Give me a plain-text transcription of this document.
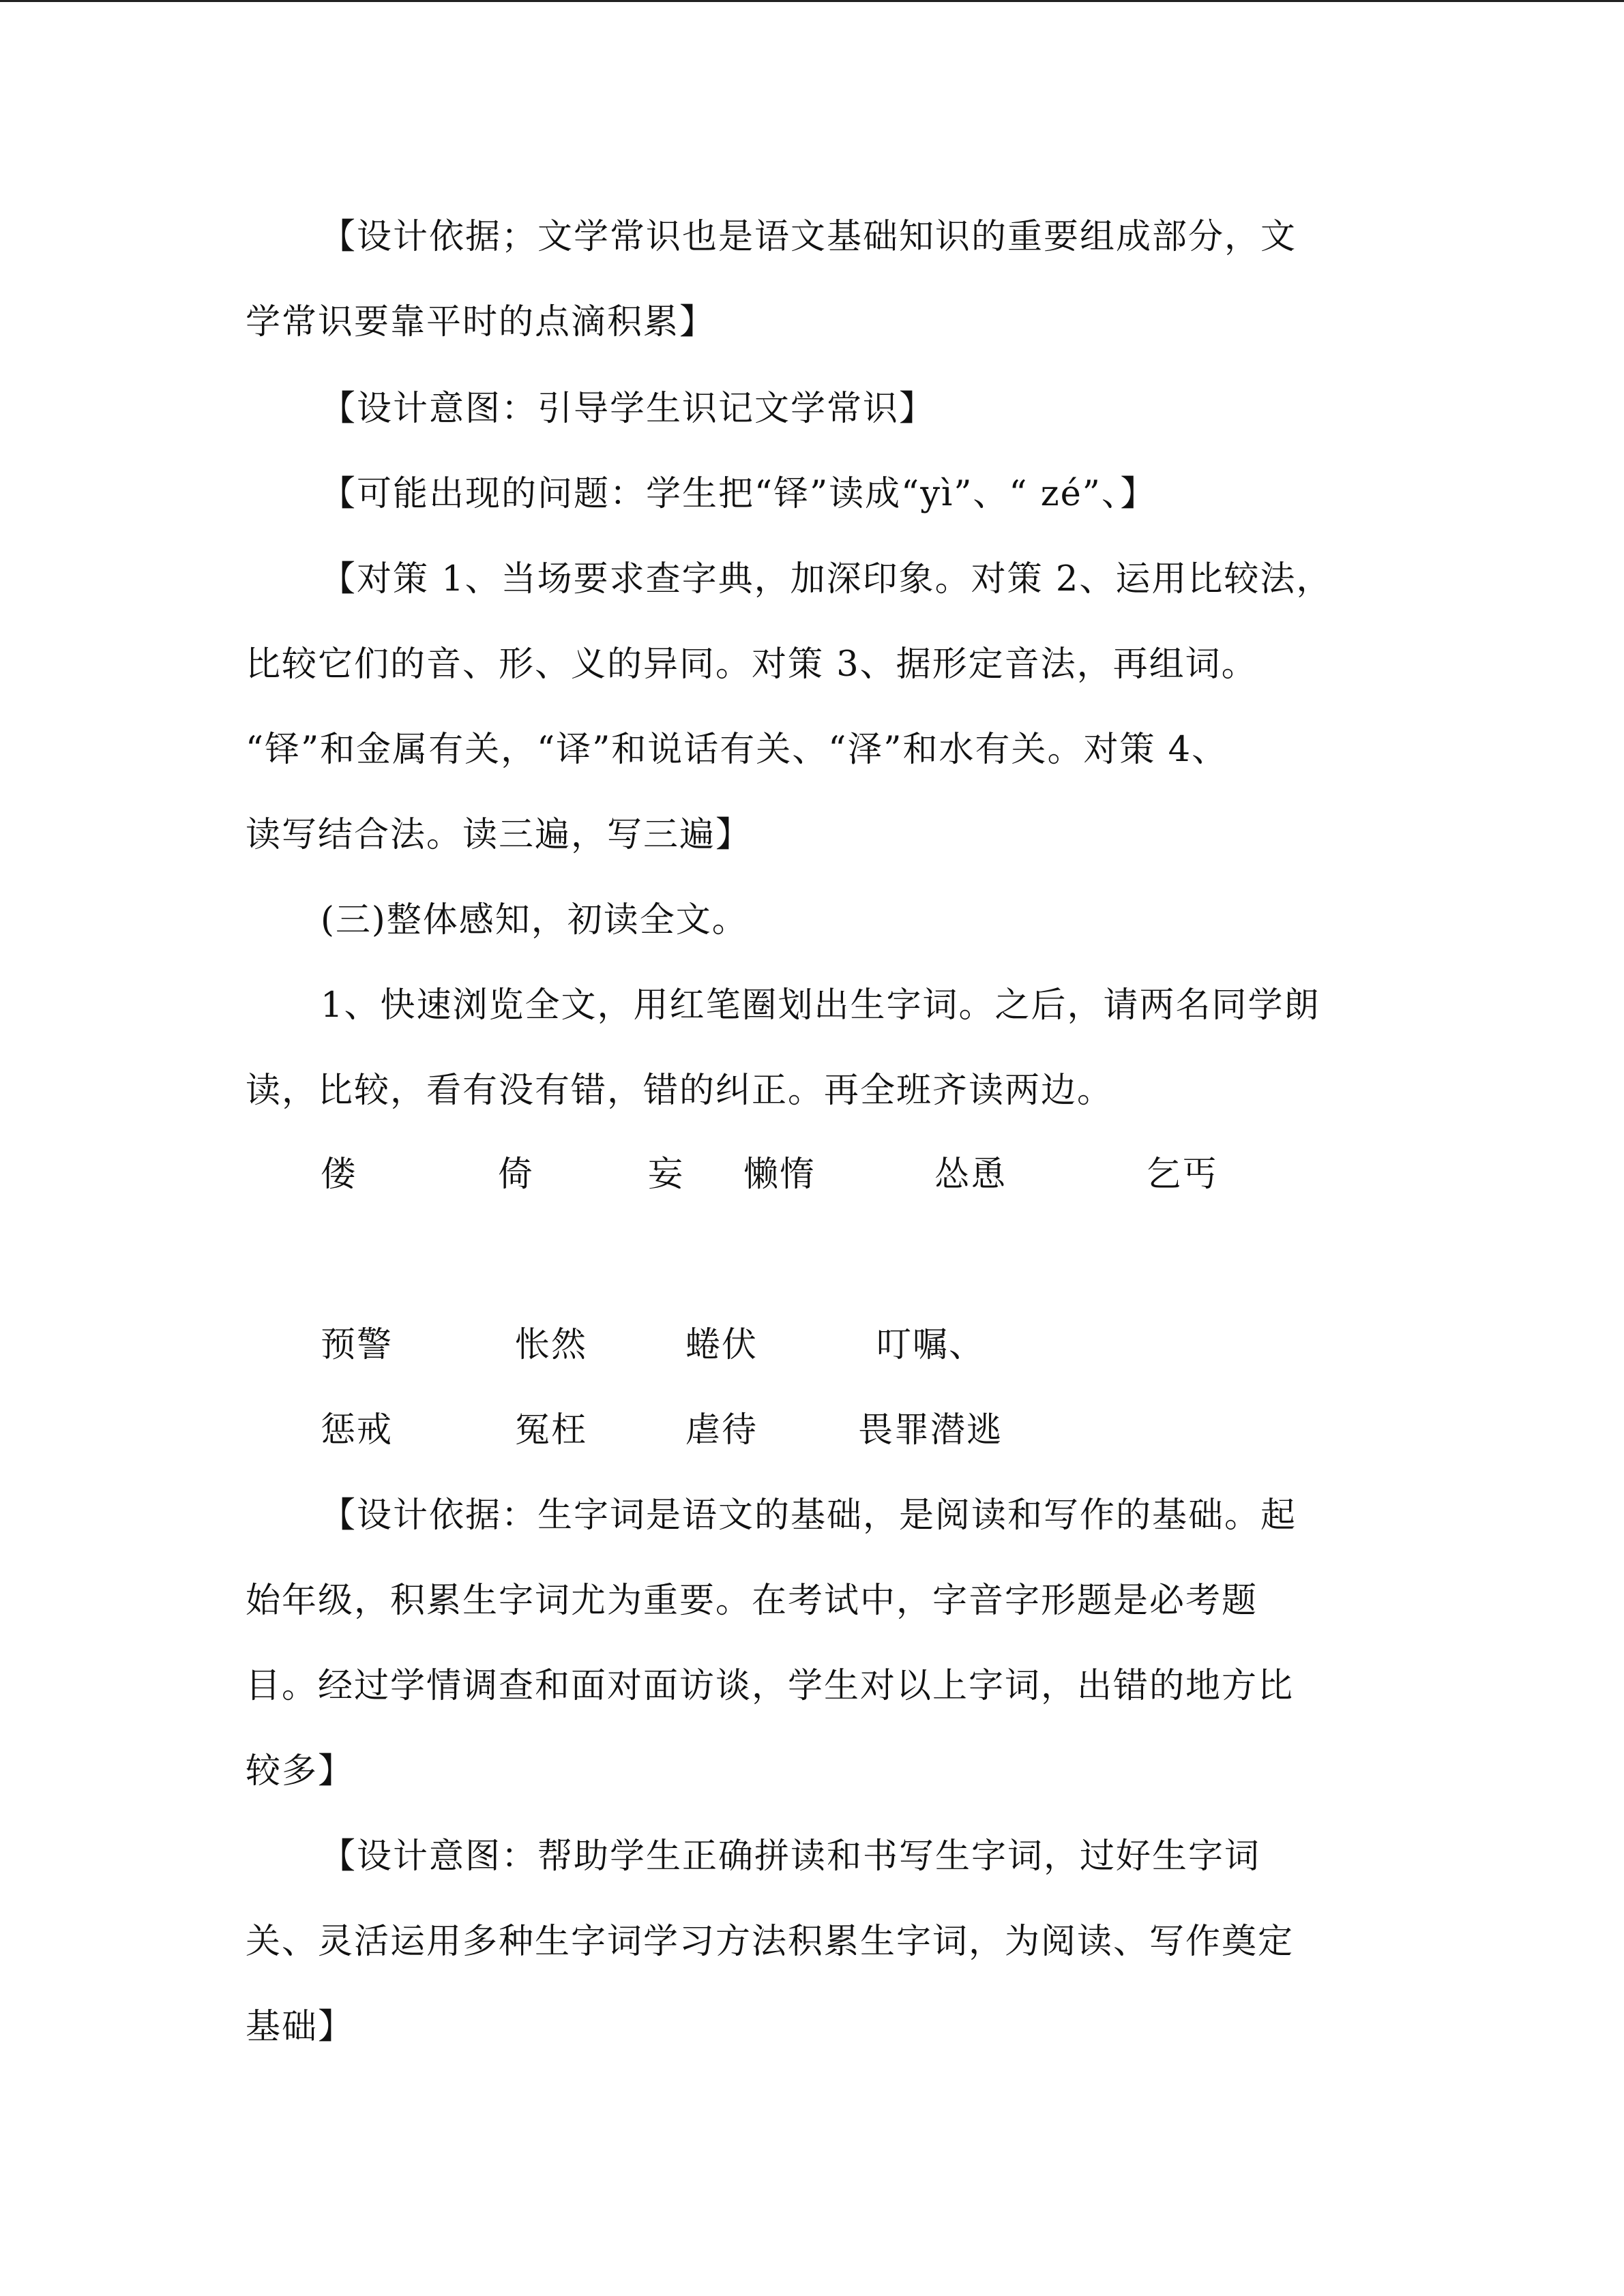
【设计依据；文学常识也是语文基础知识的重要组成部分，文
学常识要靠平时的点滴积累】
【设计意图：引导学生识记文学常识】
【可能出现的问题：学生把“铎”读成“yì”、“ zé”、】
【对策 1、当场要求查字典，加深印象。对策 2、运用比较法，
比较它们的音、形、义的异同。对策 3、据形定音法，再组词。
“铎”和金属有关，“译”和说话有关、“泽”和水有关。对策 4、
读写结合法。读三遍，写三遍】
(三)整体感知，初读全文。
1、快速浏览全文，用红笔圈划出生字词。之后，请两名同学朗
读，比较，看有没有错，错的纠正。再全班齐读两边。
偻	倚	妄 懒惰	怂恿	乞丐
预警	怅然	蜷伏	叮嘱、
惩戒	冤枉	虐待	畏罪潜逃
【设计依据：生字词是语文的基础，是阅读和写作的基础。起
始年级，积累生字词尤为重要。在考试中，字音字形题是必考题
目。经过学情调查和面对面访谈，学生对以上字词，出错的地方比
较多】
【设计意图：帮助学生正确拼读和书写生字词，过好生字词
关、灵活运用多种生字词学习方法积累生字词，为阅读、写作奠定
基础】
